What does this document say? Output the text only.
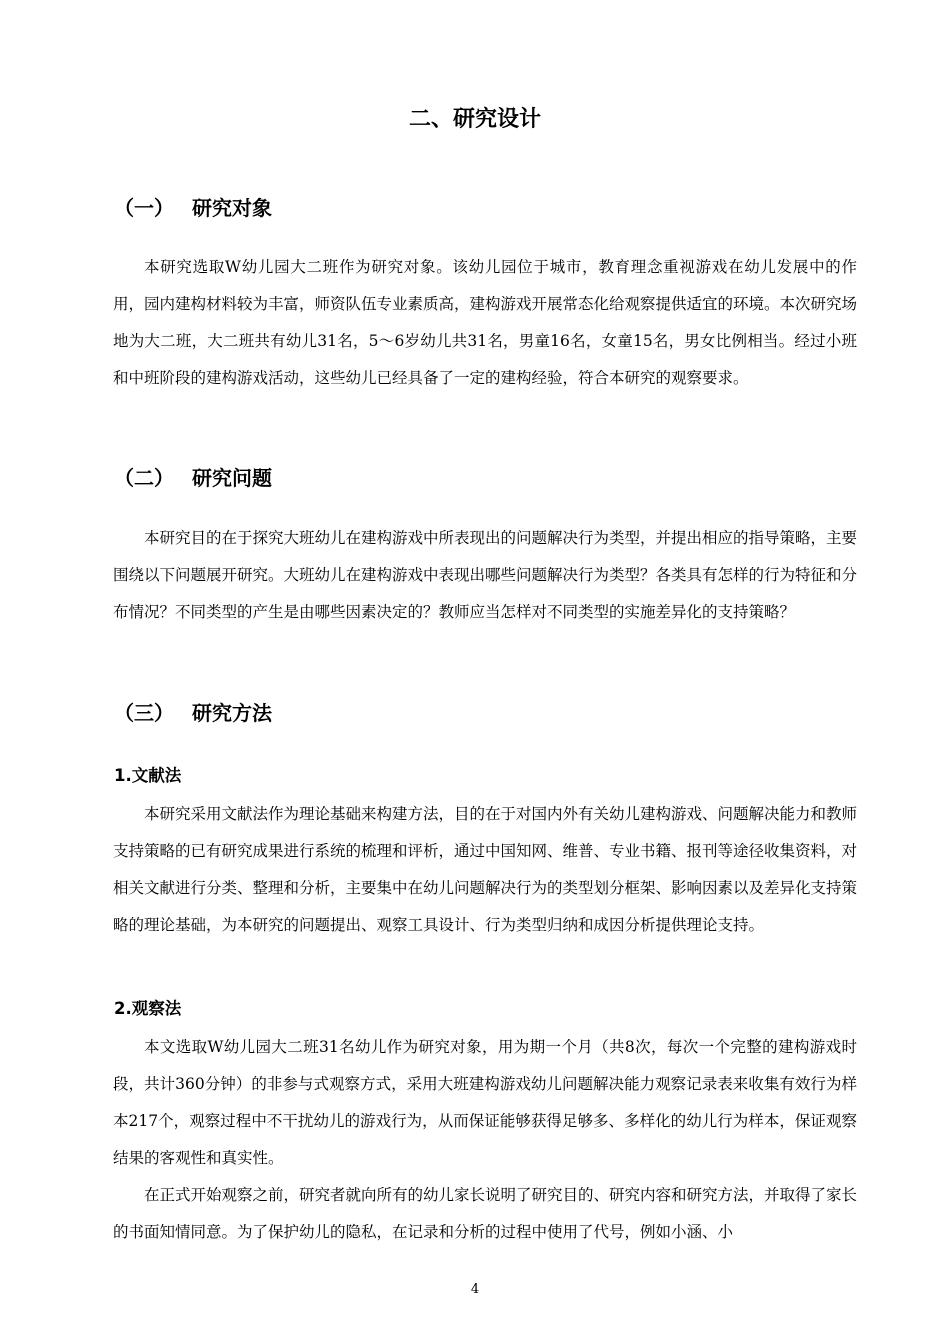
二、研究设计
（一） 研究对象

本研究选取W幼儿园大二班作为研究对象。该幼儿园位于城市，教育理念重视游戏在幼儿发展中的作用，园内建构材料较为丰富，师资队伍专业素质高，建构游戏开展常态化给观察提供适宜的环境。本次研究场地为大二班，大二班共有幼儿31名，5～6岁幼儿共31名，男童16名，女童15名，男女比例相当。经过小班和中班阶段的建构游戏活动，这些幼儿已经具备了一定的建构经验，符合本研究的观察要求。

（二） 研究问题

本研究目的在于探究大班幼儿在建构游戏中所表现出的问题解决行为类型，并提出相应的指导策略，主要围绕以下问题展开研究。大班幼儿在建构游戏中表现出哪些问题解决行为类型？各类具有怎样的行为特征和分布情况？不同类型的产生是由哪些因素决定的？教师应当怎样对不同类型的实施差异化的支持策略？

（三） 研究方法
1.文献法

本研究采用文献法作为理论基础来构建方法，目的在于对国内外有关幼儿建构游戏、问题解决能力和教师支持策略的已有研究成果进行系统的梳理和评析，通过中国知网、维普、专业书籍、报刊等途径收集资料，对相关文献进行分类、整理和分析，主要集中在幼儿问题解决行为的类型划分框架、影响因素以及差异化支持策略的理论基础，为本研究的问题提出、观察工具设计、行为类型归纳和成因分析提供理论支持。

2.观察法

本文选取W幼儿园大二班31名幼儿作为研究对象，用为期一个月（共8次，每次一个完整的建构游戏时段，共计360分钟）的非参与式观察方式，采用大班建构游戏幼儿问题解决能力观察记录表来收集有效行为样本217个，观察过程中不干扰幼儿的游戏行为，从而保证能够获得足够多、多样化的幼儿行为样本，保证观察结果的客观性和真实性。

在正式开始观察之前，研究者就向所有的幼儿家长说明了研究目的、研究内容和研究方法，并取得了家长的书面知情同意。为了保护幼儿的隐私，在记录和分析的过程中使用了代号，例如小涵、小

4
